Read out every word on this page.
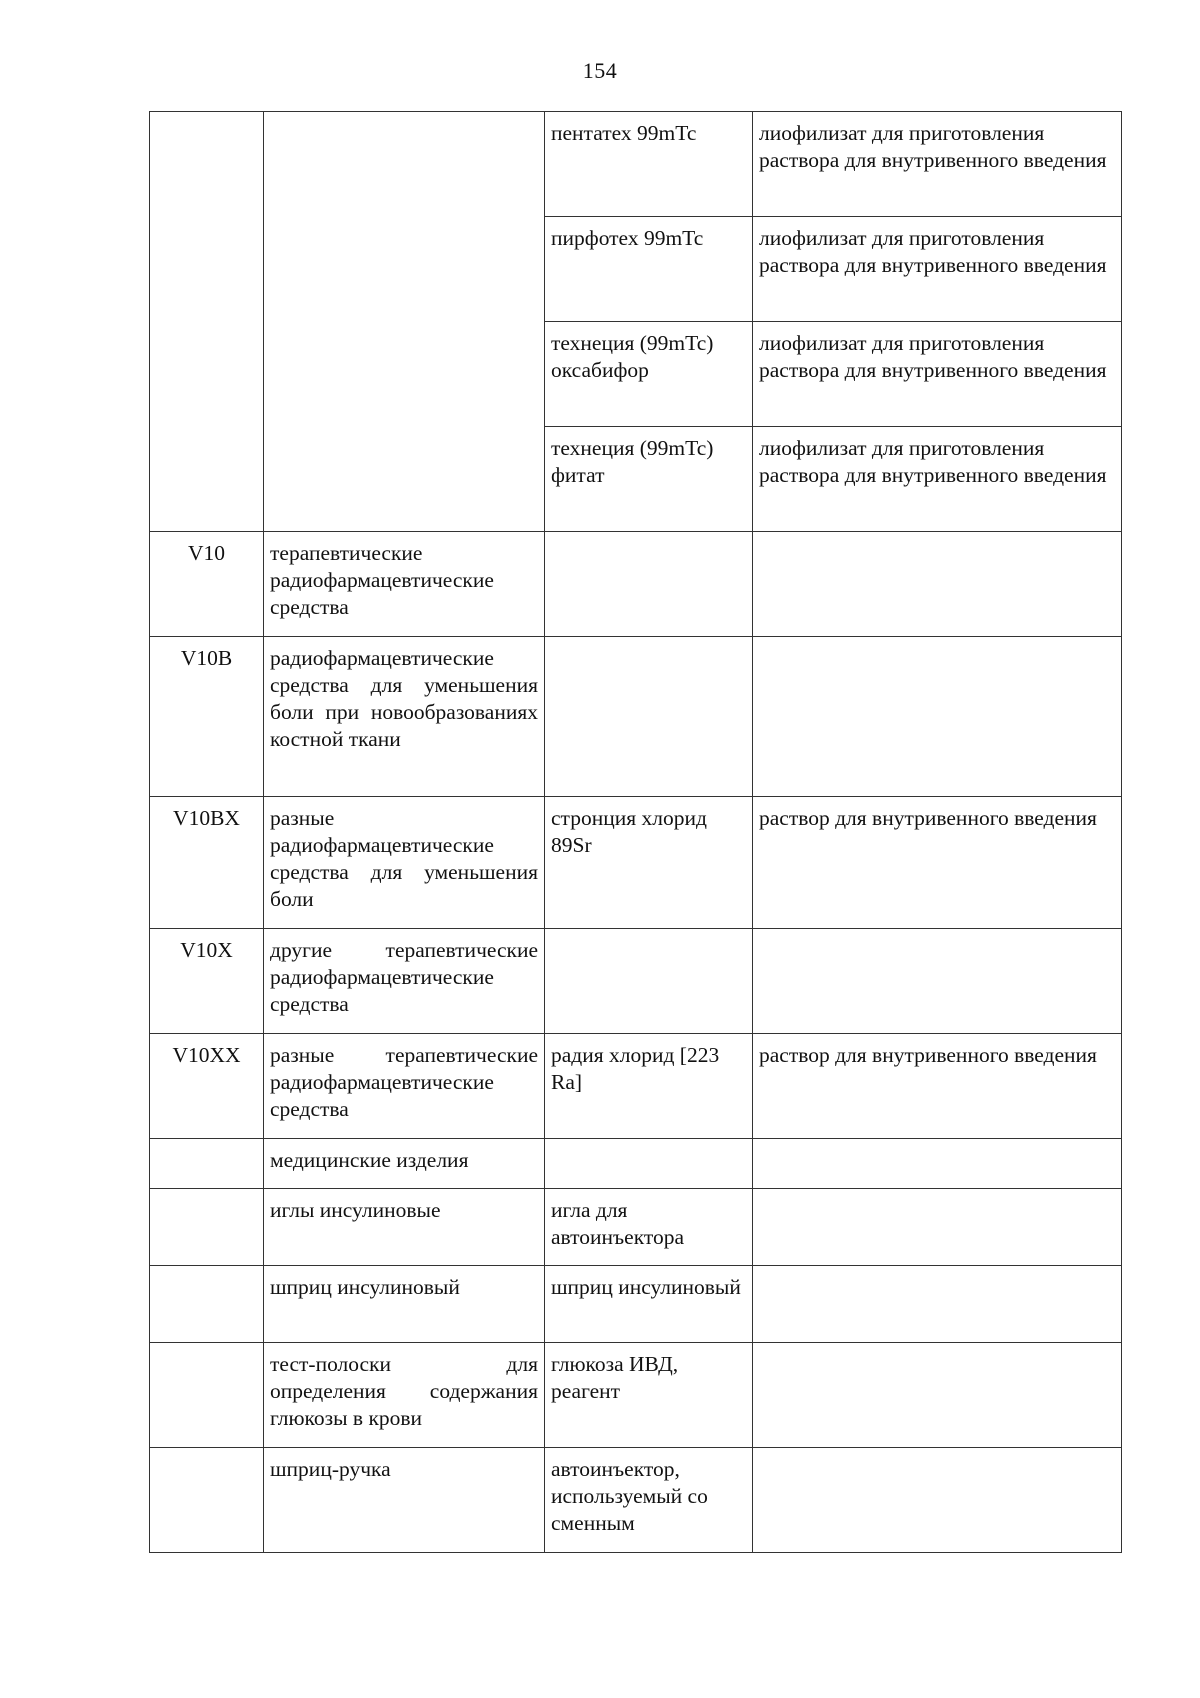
154
		пентатех 99mTc	лиофилизат для приготовления раствора для внутривенного введения
		пирфотех 99mTc	лиофилизат для приготовления раствора для внутривенного введения
		технеция (99mTc) оксабифор	лиофилизат для приготовления раствора для внутривенного введения
		технеция (99mTc) фитат	лиофилизат для приготовления раствора для внутривенного введения
V10	терапевтические радиофармацевтические средства		
V10B	радиофармацевтические средства для уменьшения боли при новообразованиях костной ткани		
V10BX	разные радиофармацевтические средства для уменьшения боли	стронция хлорид 89Sr	раствор для внутривенного введения
V10X	другие терапевтические радиофармацевтические средства		
V10XX	разные терапевтические радиофармацевтические средства	радия хлорид [223 Ra]	раствор для внутривенного введения
	медицинские изделия		
	иглы инсулиновые	игла для автоинъектора	
	шприц инсулиновый	шприц инсулиновый	
	тест-полоски для определения содержания глюкозы в крови	глюкоза ИВД, реагент	
	шприц-ручка	автоинъектор, используемый со сменным	
